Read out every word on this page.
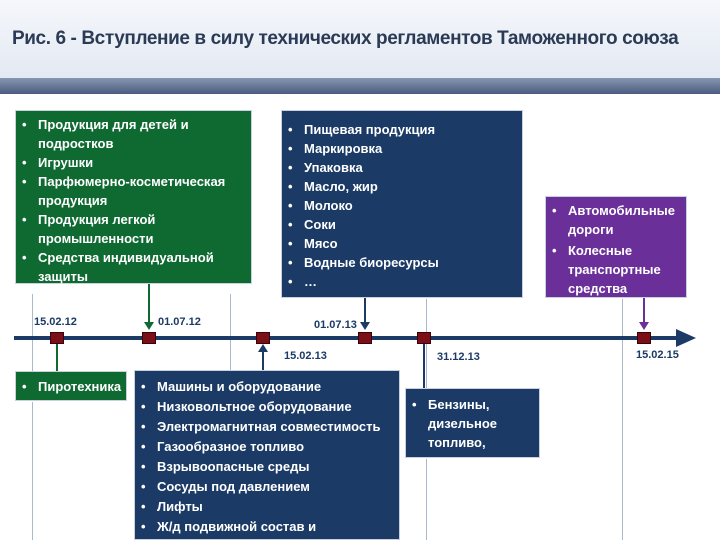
Рис. 6 - Вступление в силу технических регламентов Таможенного союза
• Продукция для детей и подростков
• Игрушки
• Парфюмерно-косметическая продукция
• Продукция легкой промышленности
• Средства индивидуальной защиты
• Пищевая продукция
• Маркировка
• Упаковка
• Масло, жир
• Молоко
• Соки
• Мясо
• Водные биоресурсы
• …
• Автомобильные дороги
• Колесные транспортные средства
• Пиротехника
•	Машины и оборудование
• Низковольтное оборудование
• Электромагнитная совместимость
• Газообразное топливо
• Взрывоопасные среды
• Сосуды под давлением
• Лифты
• Ж/д подвижной состав и
• Бензины, дизельное топливо, мазуты
15.02.12	01.07.12
15.02.13
01.07.13
31.12.13	15.02.15
